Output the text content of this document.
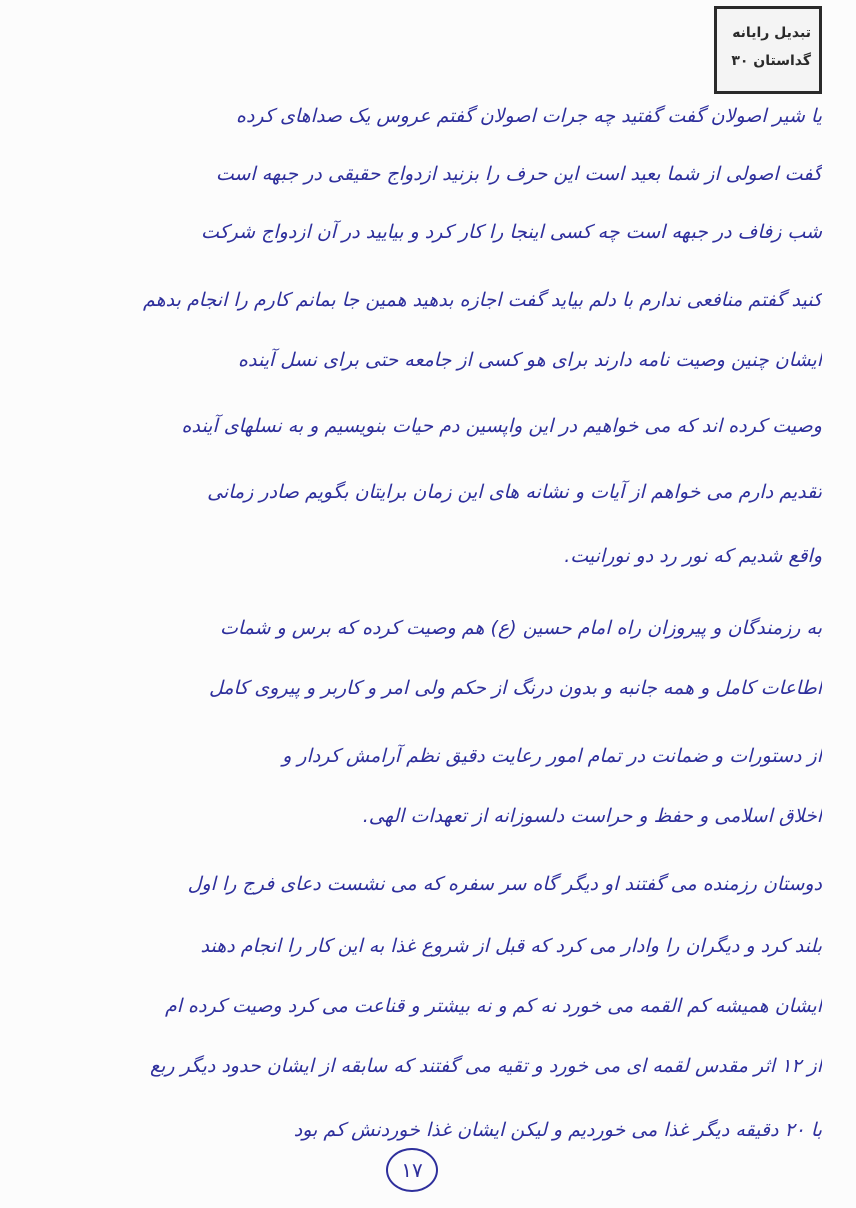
تبدیل رایانه
گداستان ۳۰
یا شیر اصولان گفت گفتید چه جرات اصولان گفتم عروس یک صداهای کرده
گفت اصولی از شما بعید است این حرف را بزنید ازدواج حقیقی در جبهه است
شب زفاف در جبهه است چه کسی اینجا را کار کرد و بیایید در آن ازدواج شرکت
کنید گفتم منافعی ندارم با دلم بیاید گفت اجازه بدهید همین جا بمانم کارم را انجام بدهم
ایشان چنین وصیت نامه دارند برای هو کسی از جامعه حتی برای نسل آینده
وصیت کرده اند که می خواهیم در این واپسین دم حیات بنویسیم و به نسلهای آینده
تقدیم دارم می خواهم از آیات و نشانه های این زمان برایتان بگویم صادر زمانی
واقع شدیم که نور رد دو نورانیت.
به رزمندگان و پیروزان راه امام حسین (ع) هم وصیت کرده که برس و شمات
اطاعات کامل و همه جانبه و بدون درنگ از حکم ولی امر و کاربر و پیروی کامل
از دستورات و ضمانت در تمام امور رعایت دقیق نظم آرامش کردار و
اخلاق اسلامی و حفظ و حراست دلسوزانه از تعهدات الهی.
دوستان رزمنده می گفتند او دیگر گاه سر سفره که می نشست دعای فرج را اول
بلند کرد و دیگران را وادار می کرد که قبل از شروع غذا به این کار را انجام دهند
ایشان همیشه کم القمه می خورد نه کم و نه بیشتر و قناعت می کرد وصیت کرده ام
از ۱۲ اثر مقدس لقمه ای می خورد و تقیه می گفتند که سابقه از ایشان حدود دیگر ربع
با ۲۰ دقیقه دیگر غذا می خوردیم و لیکن ایشان غذا خوردنش کم بود
۱۷
